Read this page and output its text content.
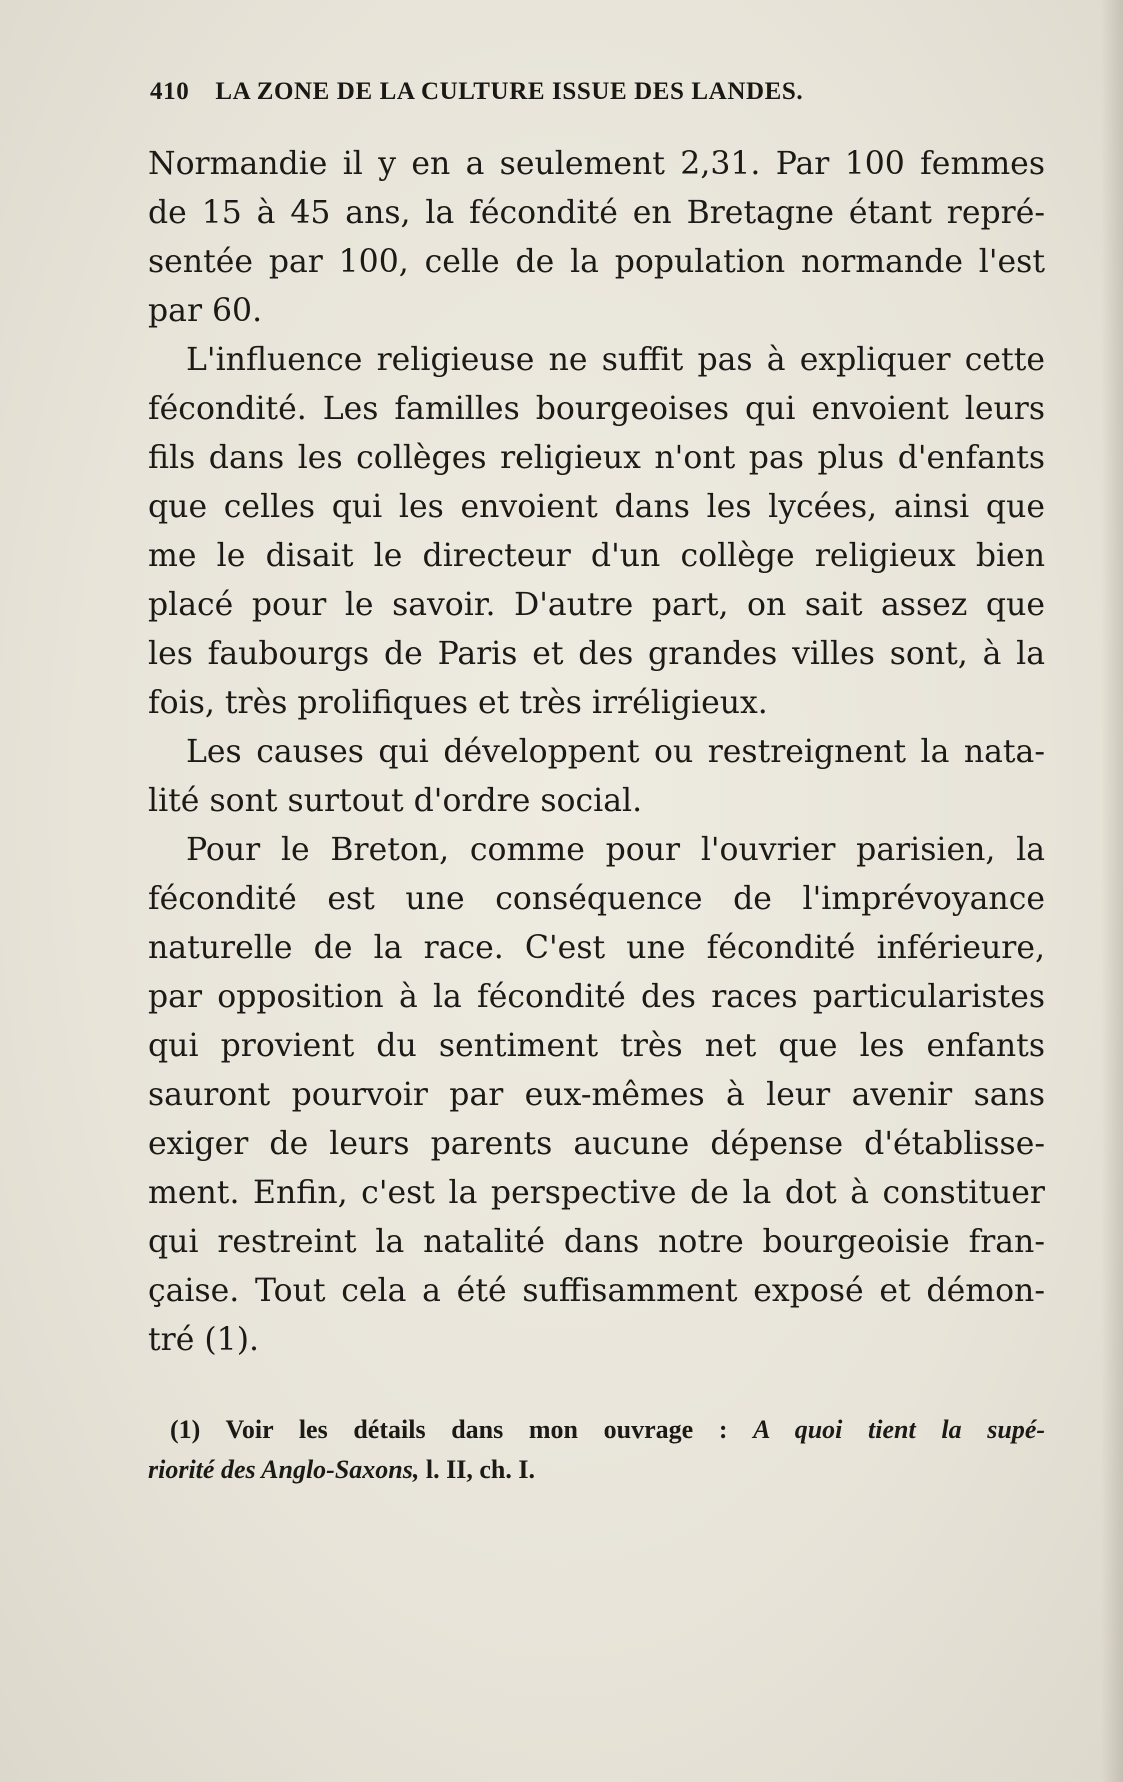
410 LA ZONE DE LA CULTURE ISSUE DES LANDES.
Normandie il y en a seulement 2,31. Par 100 femmes
de 15 à 45 ans, la fécondité en Bretagne étant repré-
sentée par 100, celle de la population normande l'est
par 60.
L'influence religieuse ne suffit pas à expliquer cette
fécondité. Les familles bourgeoises qui envoient leurs
fils dans les collèges religieux n'ont pas plus d'enfants
que celles qui les envoient dans les lycées, ainsi que
me le disait le directeur d'un collège religieux bien
placé pour le savoir. D'autre part, on sait assez que
les faubourgs de Paris et des grandes villes sont, à la
fois, très prolifiques et très irréligieux.
Les causes qui développent ou restreignent la nata-
lité sont surtout d'ordre social.
Pour le Breton, comme pour l'ouvrier parisien, la
fécondité est une conséquence de l'imprévoyance
naturelle de la race. C'est une fécondité inférieure,
par opposition à la fécondité des races particularistes
qui provient du sentiment très net que les enfants
sauront pourvoir par eux-mêmes à leur avenir sans
exiger de leurs parents aucune dépense d'établisse-
ment. Enfin, c'est la perspective de la dot à constituer
qui restreint la natalité dans notre bourgeoisie fran-
çaise. Tout cela a été suffisamment exposé et démon-
tré (1).
(1) Voir les détails dans mon ouvrage : A quoi tient la supé-
riorité des Anglo-Saxons, l. II, ch. I.
